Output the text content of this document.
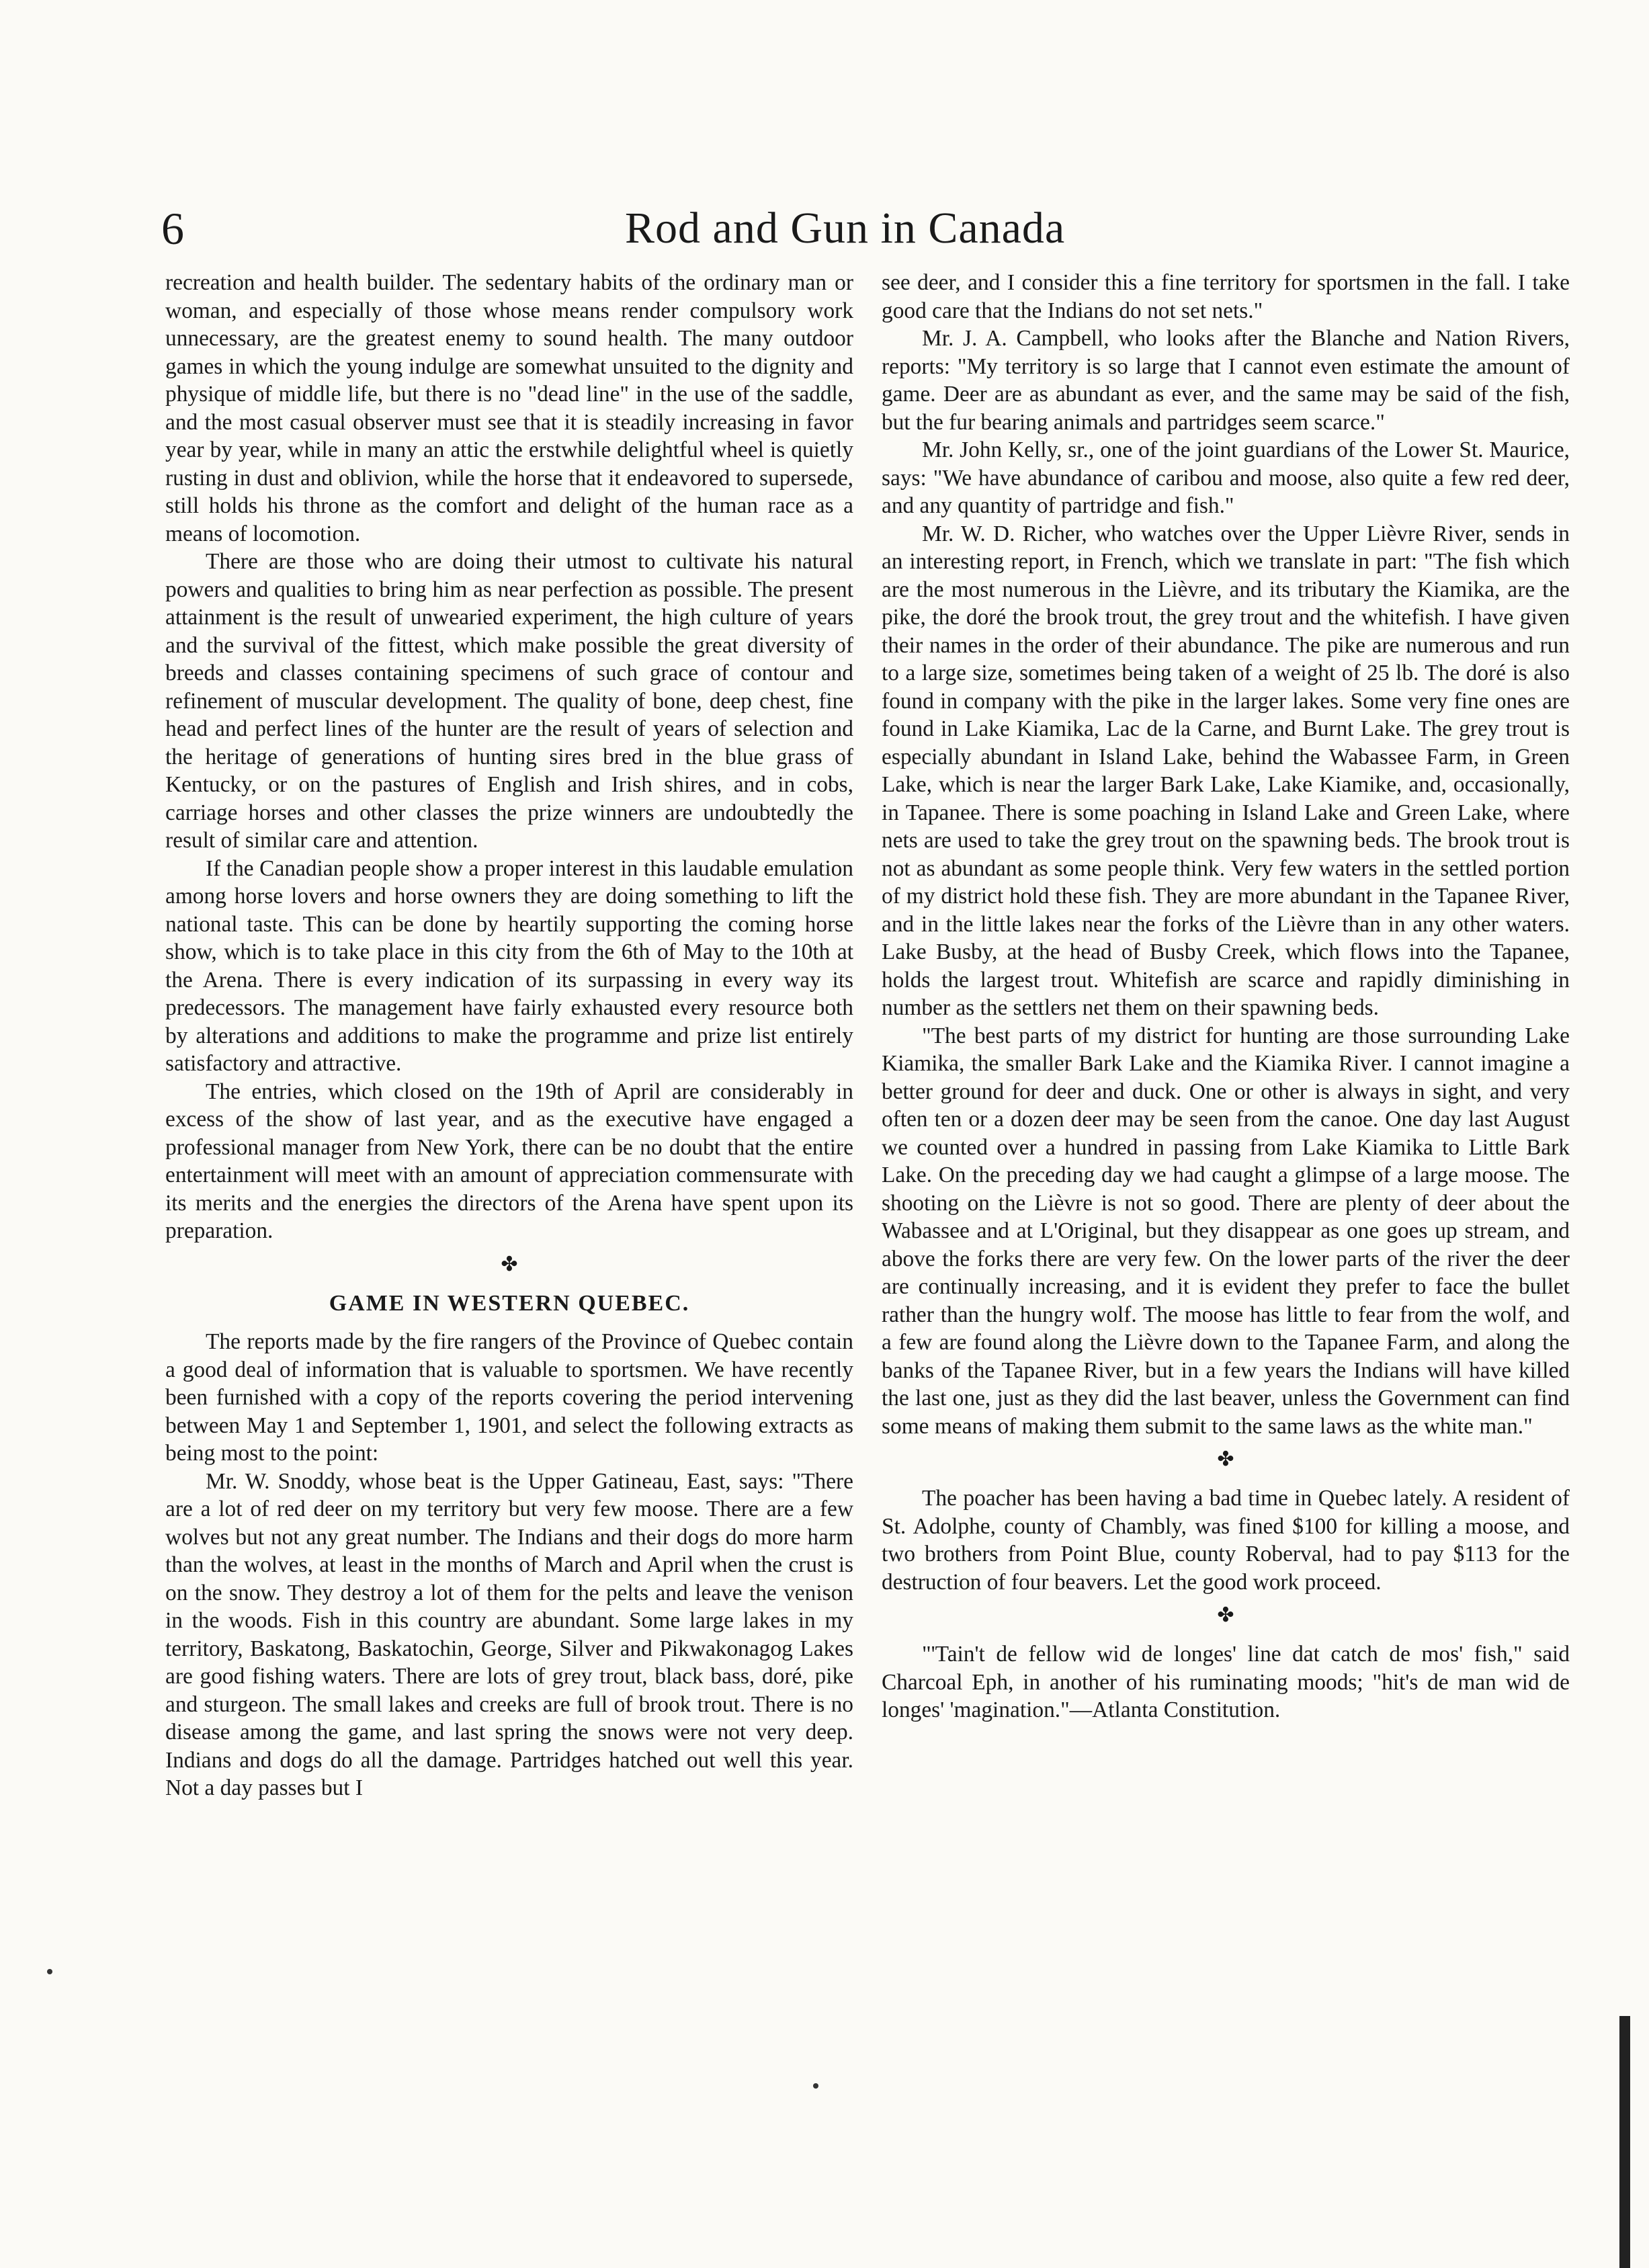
6	Rod and Gun in Canada

recreation and health builder. The sedentary habits of the ordinary man or woman, and especially of those whose means render compulsory work unnecessary, are the greatest enemy to sound health. The many outdoor games in which the young indulge are somewhat unsuited to the dignity and physique of middle life, but there is no "dead line" in the use of the saddle, and the most casual observer must see that it is steadily increasing in favor year by year, while in many an attic the erstwhile delightful wheel is quietly rusting in dust and oblivion, while the horse that it endeavored to supersede, still holds his throne as the comfort and delight of the human race as a means of locomotion.

There are those who are doing their utmost to cultivate his natural powers and qualities to bring him as near perfection as possible. The present attainment is the result of unwearied experiment, the high culture of years and the survival of the fittest, which make possible the great diversity of breeds and classes containing specimens of such grace of contour and refinement of muscular development. The quality of bone, deep chest, fine head and perfect lines of the hunter are the result of years of selection and the heritage of generations of hunting sires bred in the blue grass of Kentucky, or on the pastures of English and Irish shires, and in cobs, carriage horses and other classes the prize winners are undoubtedly the result of similar care and attention.

If the Canadian people show a proper interest in this laudable emulation among horse lovers and horse owners they are doing something to lift the national taste. This can be done by heartily supporting the coming horse show, which is to take place in this city from the 6th of May to the 10th at the Arena. There is every indication of its surpassing in every way its predecessors. The management have fairly exhausted every resource both by alterations and additions to make the programme and prize list entirely satisfactory and attractive.

The entries, which closed on the 19th of April are considerably in excess of the show of last year, and as the executive have engaged a professional manager from New York, there can be no doubt that the entire entertainment will meet with an amount of appreciation commensurate with its merits and the energies the directors of the Arena have spent upon its preparation.

✤
GAME IN WESTERN QUEBEC.

The reports made by the fire rangers of the Province of Quebec contain a good deal of information that is valuable to sportsmen. We have recently been furnished with a copy of the reports covering the period intervening between May 1 and September 1, 1901, and select the following extracts as being most to the point:

Mr. W. Snoddy, whose beat is the Upper Gatineau, East, says: "There are a lot of red deer on my territory but very few moose. There are a few wolves but not any great number. The Indians and their dogs do more harm than the wolves, at least in the months of March and April when the crust is on the snow. They destroy a lot of them for the pelts and leave the venison in the woods. Fish in this country are abundant. Some large lakes in my territory, Baskatong, Baskatochin, George, Silver and Pikwakonagog Lakes are good fishing waters. There are lots of grey trout, black bass, doré, pike and sturgeon. The small lakes and creeks are full of brook trout. There is no disease among the game, and last spring the snows were not very deep. Indians and dogs do all the damage. Partridges hatched out well this year. Not a day passes but I

see deer, and I consider this a fine territory for sportsmen in the fall. I take good care that the Indians do not set nets."

Mr. J. A. Campbell, who looks after the Blanche and Nation Rivers, reports: "My territory is so large that I cannot even estimate the amount of game. Deer are as abundant as ever, and the same may be said of the fish, but the fur bearing animals and partridges seem scarce."

Mr. John Kelly, sr., one of the joint guardians of the Lower St. Maurice, says: "We have abundance of caribou and moose, also quite a few red deer, and any quantity of partridge and fish."

Mr. W. D. Richer, who watches over the Upper Lièvre River, sends in an interesting report, in French, which we translate in part: "The fish which are the most numerous in the Lièvre, and its tributary the Kiamika, are the pike, the doré the brook trout, the grey trout and the whitefish. I have given their names in the order of their abundance. The pike are numerous and run to a large size, sometimes being taken of a weight of 25 lb. The doré is also found in company with the pike in the larger lakes. Some very fine ones are found in Lake Kiamika, Lac de la Carne, and Burnt Lake. The grey trout is especially abundant in Island Lake, behind the Wabassee Farm, in Green Lake, which is near the larger Bark Lake, Lake Kiamike, and, occasionally, in Tapanee. There is some poaching in Island Lake and Green Lake, where nets are used to take the grey trout on the spawning beds. The brook trout is not as abundant as some people think. Very few waters in the settled portion of my district hold these fish. They are more abundant in the Tapanee River, and in the little lakes near the forks of the Lièvre than in any other waters. Lake Busby, at the head of Busby Creek, which flows into the Tapanee, holds the largest trout. Whitefish are scarce and rapidly diminishing in number as the settlers net them on their spawning beds.

"The best parts of my district for hunting are those surrounding Lake Kiamika, the smaller Bark Lake and the Kiamika River. I cannot imagine a better ground for deer and duck. One or other is always in sight, and very often ten or a dozen deer may be seen from the canoe. One day last August we counted over a hundred in passing from Lake Kiamika to Little Bark Lake. On the preceding day we had caught a glimpse of a large moose. The shooting on the Lièvre is not so good. There are plenty of deer about the Wabassee and at L'Original, but they disappear as one goes up stream, and above the forks there are very few. On the lower parts of the river the deer are continually increasing, and it is evident they prefer to face the bullet rather than the hungry wolf. The moose has little to fear from the wolf, and a few are found along the Lièvre down to the Tapanee Farm, and along the banks of the Tapanee River, but in a few years the Indians will have killed the last one, just as they did the last beaver, unless the Government can find some means of making them submit to the same laws as the white man."

✤

The poacher has been having a bad time in Quebec lately. A resident of St. Adolphe, county of Chambly, was fined $100 for killing a moose, and two brothers from Point Blue, county Roberval, had to pay $113 for the destruction of four beavers. Let the good work proceed.

✤

"'Tain't de fellow wid de longes' line dat catch de mos' fish," said Charcoal Eph, in another of his ruminating moods; "hit's de man wid de longes' 'magination."—Atlanta Constitution.
